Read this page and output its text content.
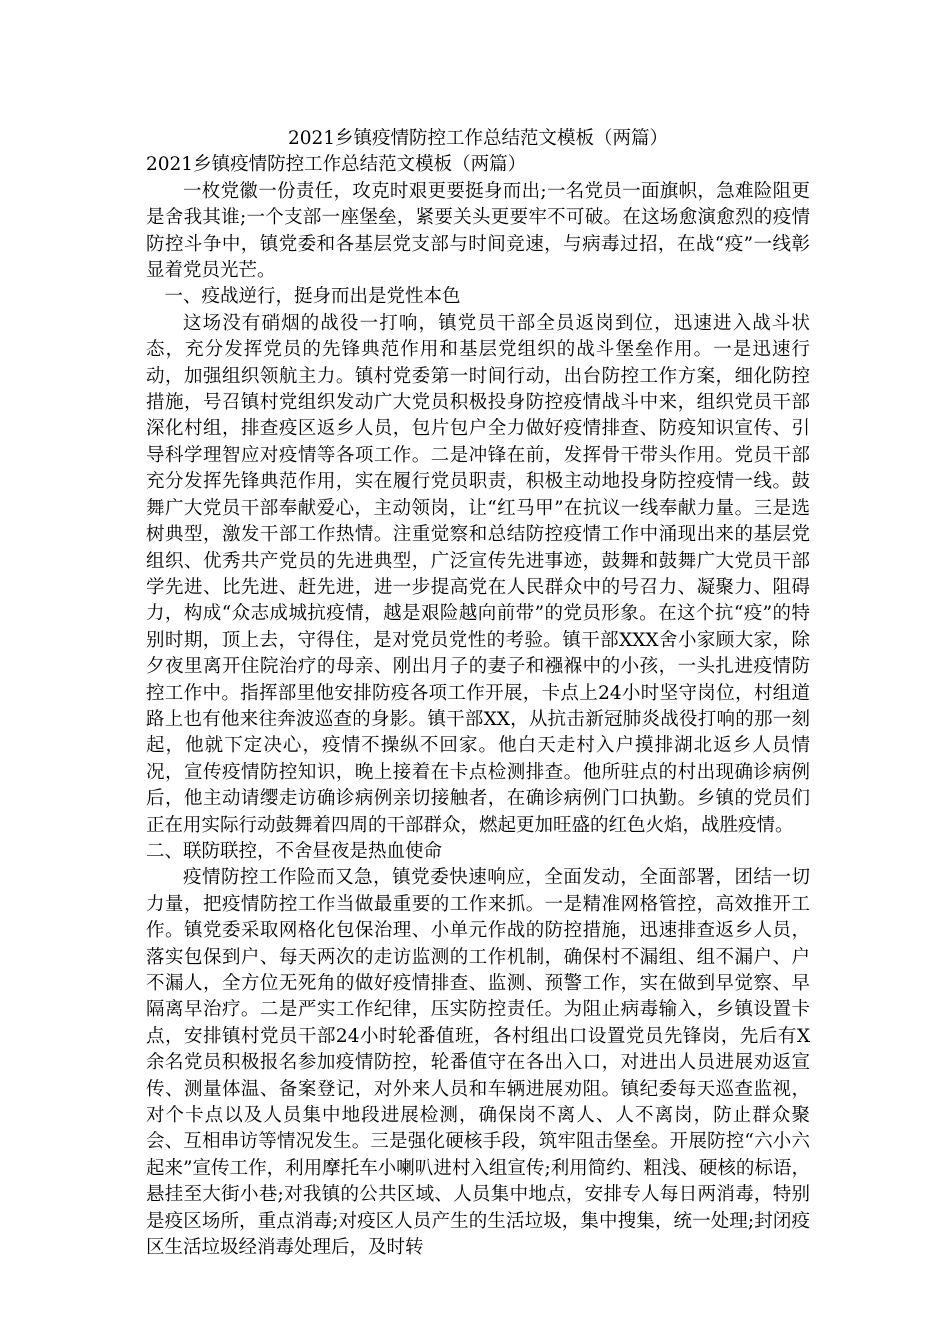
2021乡镇疫情防控工作总结范文模板（两篇）

2021乡镇疫情防控工作总结范文模板（两篇）

一枚党徽一份责任，攻克时艰更要挺身而出;一名党员一面旗帜，急难险阻更是舍我其谁;一个支部一座堡垒，紧要关头更要牢不可破。在这场愈演愈烈的疫情防控斗争中，镇党委和各基层党支部与时间竞速，与病毒过招，在战“疫”一线彰显着党员光芒。

一、疫战逆行，挺身而出是党性本色

这场没有硝烟的战役一打响，镇党员干部全员返岗到位，迅速进入战斗状态，充分发挥党员的先锋典范作用和基层党组织的战斗堡垒作用。一是迅速行动，加强组织领航主力。镇村党委第一时间行动，出台防控工作方案，细化防控措施，号召镇村党组织发动广大党员积极投身防控疫情战斗中来，组织党员干部深化村组，排查疫区返乡人员，包片包户全力做好疫情排查、防疫知识宣传、引导科学理智应对疫情等各项工作。二是冲锋在前，发挥骨干带头作用。党员干部充分发挥先锋典范作用，实在履行党员职责，积极主动地投身防控疫情一线。鼓舞广大党员干部奉献爱心，主动领岗，让“红马甲”在抗议一线奉献力量。三是选树典型，激发干部工作热情。注重觉察和总结防控疫情工作中涌现出来的基层党组织、优秀共产党员的先进典型，广泛宣传先进事迹，鼓舞和鼓舞广大党员干部学先进、比先进、赶先进，进一步提高党在人民群众中的号召力、凝聚力、阻碍力，构成“众志成城抗疫情，越是艰险越向前带”的党员形象。在这个抗“疫”的特别时期，顶上去，守得住，是对党员党性的考验。镇干部XXX舍小家顾大家，除夕夜里离开住院治疗的母亲、刚出月子的妻子和襁褓中的小孩，一头扎进疫情防控工作中。指挥部里他安排防疫各项工作开展，卡点上24小时坚守岗位，村组道路上也有他来往奔波巡查的身影。镇干部XX，从抗击新冠肺炎战役打响的那一刻起，他就下定决心，疫情不操纵不回家。他白天走村入户摸排湖北返乡人员情况，宣传疫情防控知识，晚上接着在卡点检测排查。他所驻点的村出现确诊病例后，他主动请缨走访确诊病例亲切接触者，在确诊病例门口执勤。乡镇的党员们正在用实际行动鼓舞着四周的干部群众，燃起更加旺盛的红色火焰，战胜疫情。

二、联防联控，不舍昼夜是热血使命

疫情防控工作险而又急，镇党委快速响应，全面发动，全面部署，团结一切力量，把疫情防控工作当做最重要的工作来抓。一是精准网格管控，高效推开工作。镇党委采取网格化包保治理、小单元作战的防控措施，迅速排查返乡人员，落实包保到户、每天两次的走访监测的工作机制，确保村不漏组、组不漏户、户不漏人，全方位无死角的做好疫情排查、监测、预警工作，实在做到早觉察、早隔离早治疗。二是严实工作纪律，压实防控责任。为阻止病毒输入，乡镇设置卡点，安排镇村党员干部24小时轮番值班，各村组出口设置党员先锋岗，先后有X余名党员积极报名参加疫情防控，轮番值守在各出入口，对进出人员进展劝返宣传、测量体温、备案登记，对外来人员和车辆进展劝阻。镇纪委每天巡查监视，对个卡点以及人员集中地段进展检测，确保岗不离人、人不离岗，防止群众聚会、互相串访等情况发生。三是强化硬核手段，筑牢阻击堡垒。开展防控“六小六起来”宣传工作，利用摩托车小喇叭进村入组宣传;利用简约、粗浅、硬核的标语，悬挂至大街小巷;对我镇的公共区域、人员集中地点，安排专人每日两消毒，特别是疫区场所，重点消毒;对疫区人员产生的生活垃圾，集中搜集，统一处理;封闭疫区生活垃圾经消毒处理后，及时转
